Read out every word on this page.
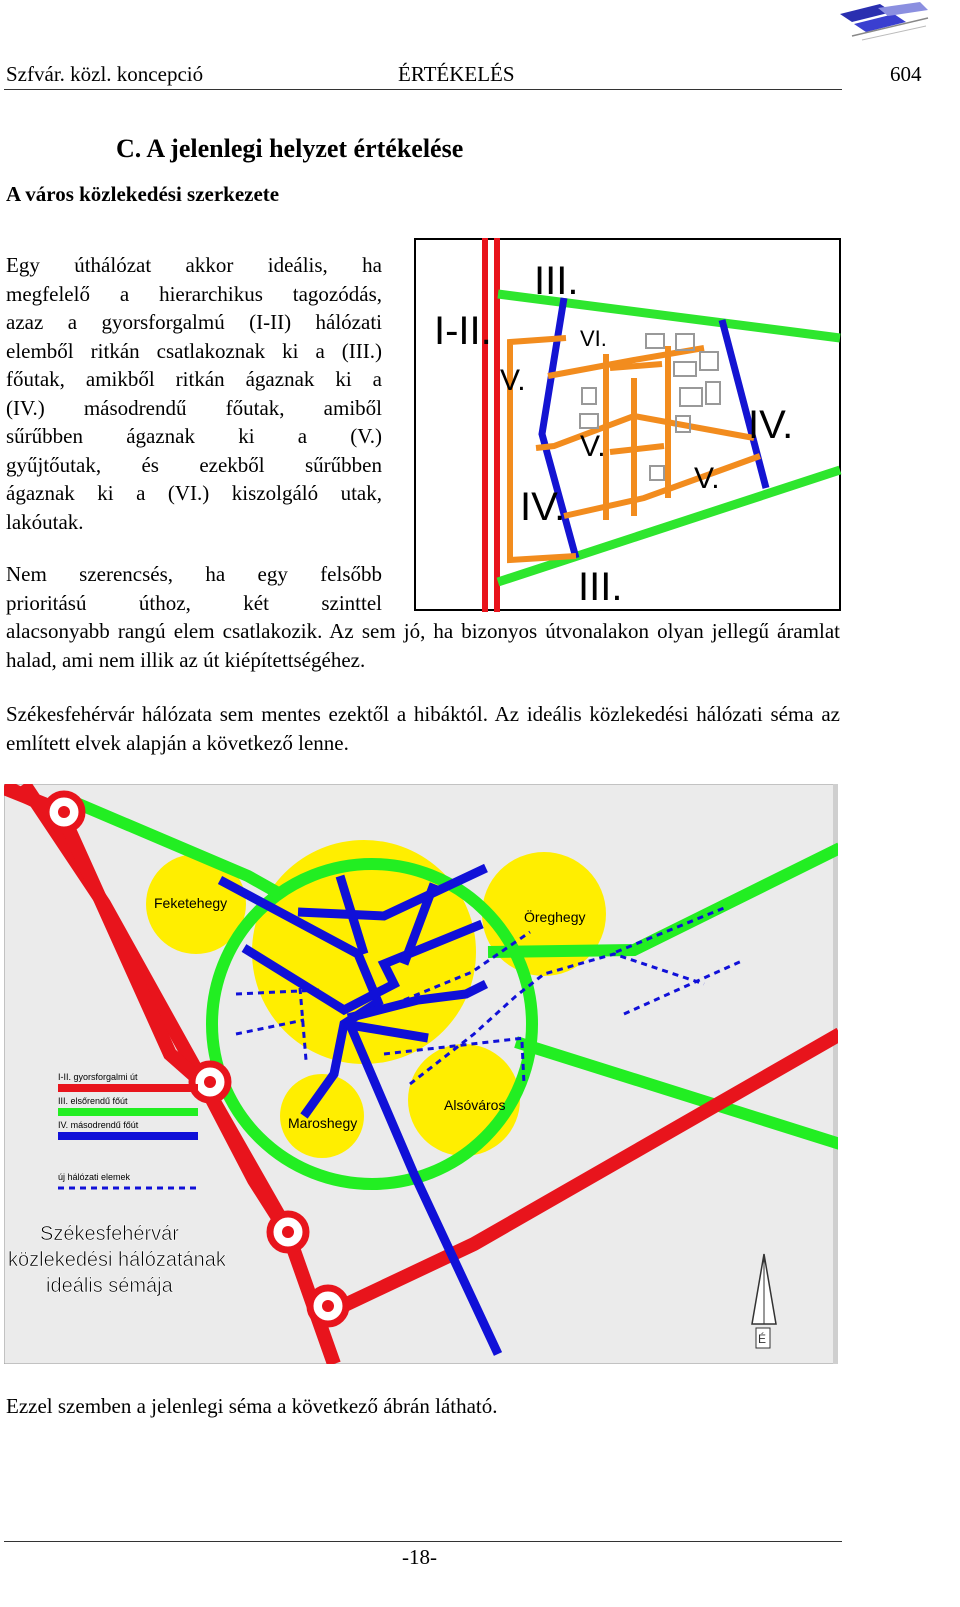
Szfvár. közl. koncepció	ÉRTÉKELÉS	604
C. A jelenlegi helyzet értékelése
A város közlekedési szerkezete
Egy úthálózat akkor ideális, ha
megfelelő a hierarchikus tagozódás,
azaz a gyorsforgalmú (I-II) hálózati
elemből ritkán csatlakoznak ki a (III.)
főutak, amikből ritkán ágaznak ki a
(IV.) másodrendű főutak, amiből
sűrűbben ágaznak ki a (V.)
gyűjtőutak, és ezekből sűrűbben
ágaznak ki a (VI.) kiszolgáló utak,
lakóutak.
Nem szerencsés, ha egy felsőbb
prioritású úthoz, két szinttel
alacsonyabb rangú elem csatlakozik. Az sem jó, ha bizonyos útvonalakon olyan jellegű áramlat halad, ami nem illik az út kiépítettségéhez.
I-II.
III.
III.
IV.
IV.
V.
V.
V.
VI.
Székesfehérvár hálózata sem mentes ezektől a hibáktól. Az ideális közlekedési hálózati séma az említett elvek alapján a következő lenne.
Feketehegy
Öreghegy
Maroshegy
Alsóváros
I-II. gyorsforgalmi út
III. elsőrendű főút
IV. másodrendű főút
új hálózati elemek
Székesfehérvár
közlekedési hálózatának
ideális sémája
É
Ezzel szemben a jelenlegi séma a következő ábrán látható.
-18-
